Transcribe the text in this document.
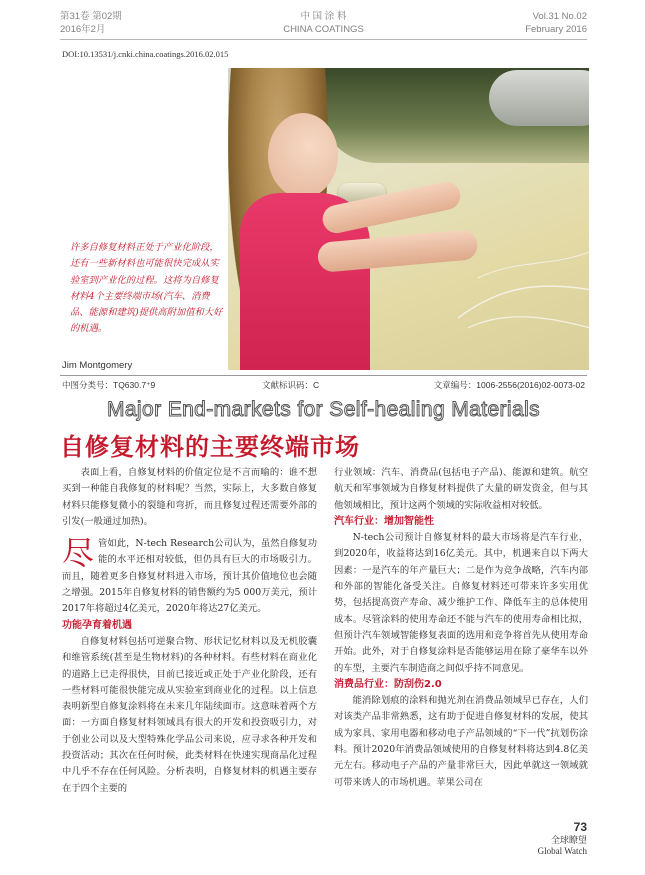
第31卷 第02期
2016年2月
中 国 涂 料
CHINA COATINGS
Vol.31 No.02
February 2016
DOI:10.13531/j.cnki.china.coatings.2016.02.015
许多自修复材料正处于产业化阶段，还有一些新材料也可能很快完成从实验室到产业化的过程。这将为自修复材料4个主要终端市场(汽车、消费品、能源和建筑)提供高附加值和大好的机遇。
Jim Montgomery
中图分类号：TQ630.7⁺9	文献标识码：C	文章编号：1006-2556(2016)02-0073-02
Major End-markets for Self-healing Materials
自修复材料的主要终端市场

表面上看，自修复材料的价值定位是不言而喻的：谁不想买到一种能自我修复的材料呢？当然，实际上，大多数自修复材料只能修复微小的裂缝和弯折，而且修复过程还需要外部的引发(一般通过加热)。

尽管如此，N-tech Research公司认为，虽然自修复功能的水平还相对较低，但仍具有巨大的市场吸引力。而且，随着更多自修复材料进入市场，预计其价值地位也会随之增强。2015年自修复材料的销售额约为5 000万美元，预计2017年将超过4亿美元，2020年将达27亿美元。

功能孕育着机遇

自修复材料包括可逆聚合物、形状记忆材料以及无机胶囊和维管系统(甚至是生物材料)的各种材料。有些材料在商业化的道路上已走得很快，目前已接近或正处于产业化阶段，还有一些材料可能很快能完成从实验室到商业化的过程。以上信息表明新型自修复涂料将在未来几年陆续面市。这意味着两个方面：一方面自修复材料领域具有很大的开发和投资吸引力，对于创业公司以及大型特殊化学品公司来说，应寻求各种开发和投资活动；其次在任何时候，此类材料在快速实现商品化过程中几乎不存在任何风险。分析表明，自修复材料的机遇主要存在于四个主要的

行业领域：汽车、消费品(包括电子产品)、能源和建筑。航空航天和军事领域为自修复材料提供了大量的研发资金，但与其他领域相比，预计这两个领域的实际收益相对较低。

汽车行业：增加智能性

N-tech公司预计自修复材料的最大市场将是汽车行业，到2020年，收益将达到16亿美元。其中，机遇来自以下两大因素：一是汽车的年产量巨大；二是作为竞争战略，汽车内部和外部的智能化备受关注。自修复材料还可带来许多实用优势，包括提高资产寿命、减少维护工作、降低车主的总体使用成本。尽管涂料的使用寿命还不能与汽车的使用寿命相比拟，但预计汽车领域智能修复表面的选用和竞争将首先从使用寿命开始。此外，对于自修复涂料是否能够运用在除了豪华车以外的车型，主要汽车制造商之间似乎持不同意见。

消费品行业：防刮伤2.0

能消除划痕的涂料和抛光剂在消费品领域早已存在，人们对该类产品非常熟悉，这有助于促进自修复材料的发展，使其成为家具、家用电器和移动电子产品领域的“下一代”抗划伤涂料。预计2020年消费品领域使用的自修复材料将达到4.8亿美元左右。移动电子产品的产量非常巨大，因此单就这一领域就可带来诱人的市场机遇。苹果公司在

73
全球瞭望
Global Watch
